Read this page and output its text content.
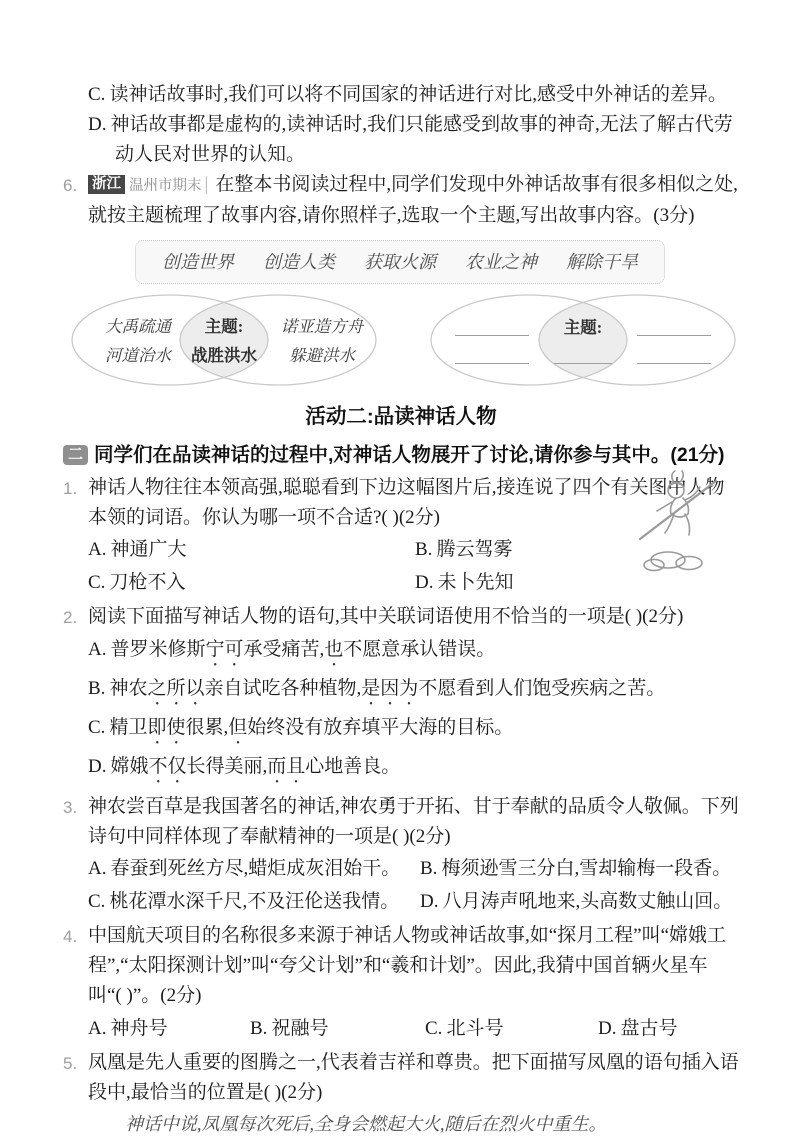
C. 读神话故事时,我们可以将不同国家的神话进行对比,感受中外神话的差异。
D. 神话故事都是虚构的,读神话时,我们只能感受到故事的神奇,无法了解古代劳动人民对世界的认知。
6.	浙江 温州市期末 | 在整本书阅读过程中,同学们发现中外神话故事有很多相似之处,就按主题梳理了故事内容,请你照样子,选取一个主题,写出故事内容。(3分)
创造世界 创造人类 获取火源 农业之神 解除干旱
大禹疏通
河道治水
主题:
战胜洪水
诺亚造方舟
躲避洪水
主题:
活动二:品读神话人物
二 同学们在品读神话的过程中,对神话人物展开了讨论,请你参与其中。(21分)
1. 神话人物往往本领高强,聪聪看到下边这幅图片后,接连说了四个有关图中人物本领的词语。你认为哪一项不合适?( )(2分)
A. 神通广大	B. 腾云驾雾
C. 刀枪不入	D. 未卜先知
2. 阅读下面描写神话人物的语句,其中关联词语使用不恰当的一项是( )(2分)
A. 普罗米修斯宁可承受痛苦,也不愿意承认错误。
B. 神农之所以亲自试吃各种植物,是因为不愿看到人们饱受疾病之苦。
C. 精卫即使很累,但始终没有放弃填平大海的目标。
D. 嫦娥不仅长得美丽,而且心地善良。
3. 神农尝百草是我国著名的神话,神农勇于开拓、甘于奉献的品质令人敬佩。下列诗句中同样体现了奉献精神的一项是( )(2分)
A. 春蚕到死丝方尽,蜡炬成灰泪始干。	B. 梅须逊雪三分白,雪却输梅一段香。
C. 桃花潭水深千尺,不及汪伦送我情。	D. 八月涛声吼地来,头高数丈触山回。
4. 中国航天项目的名称很多来源于神话人物或神话故事,如“探月工程”叫“嫦娥工程”,“太阳探测计划”叫“夸父计划”和“羲和计划”。因此,我猜中国首辆火星车叫“( )”。(2分)
A. 神舟号	B. 祝融号	C. 北斗号	D. 盘古号
5. 凤凰是先人重要的图腾之一,代表着吉祥和尊贵。把下面描写凤凰的语句插入语段中,最恰当的位置是( )(2分)
神话中说,凤凰每次死后,全身会燃起大火,随后在烈火中重生。
